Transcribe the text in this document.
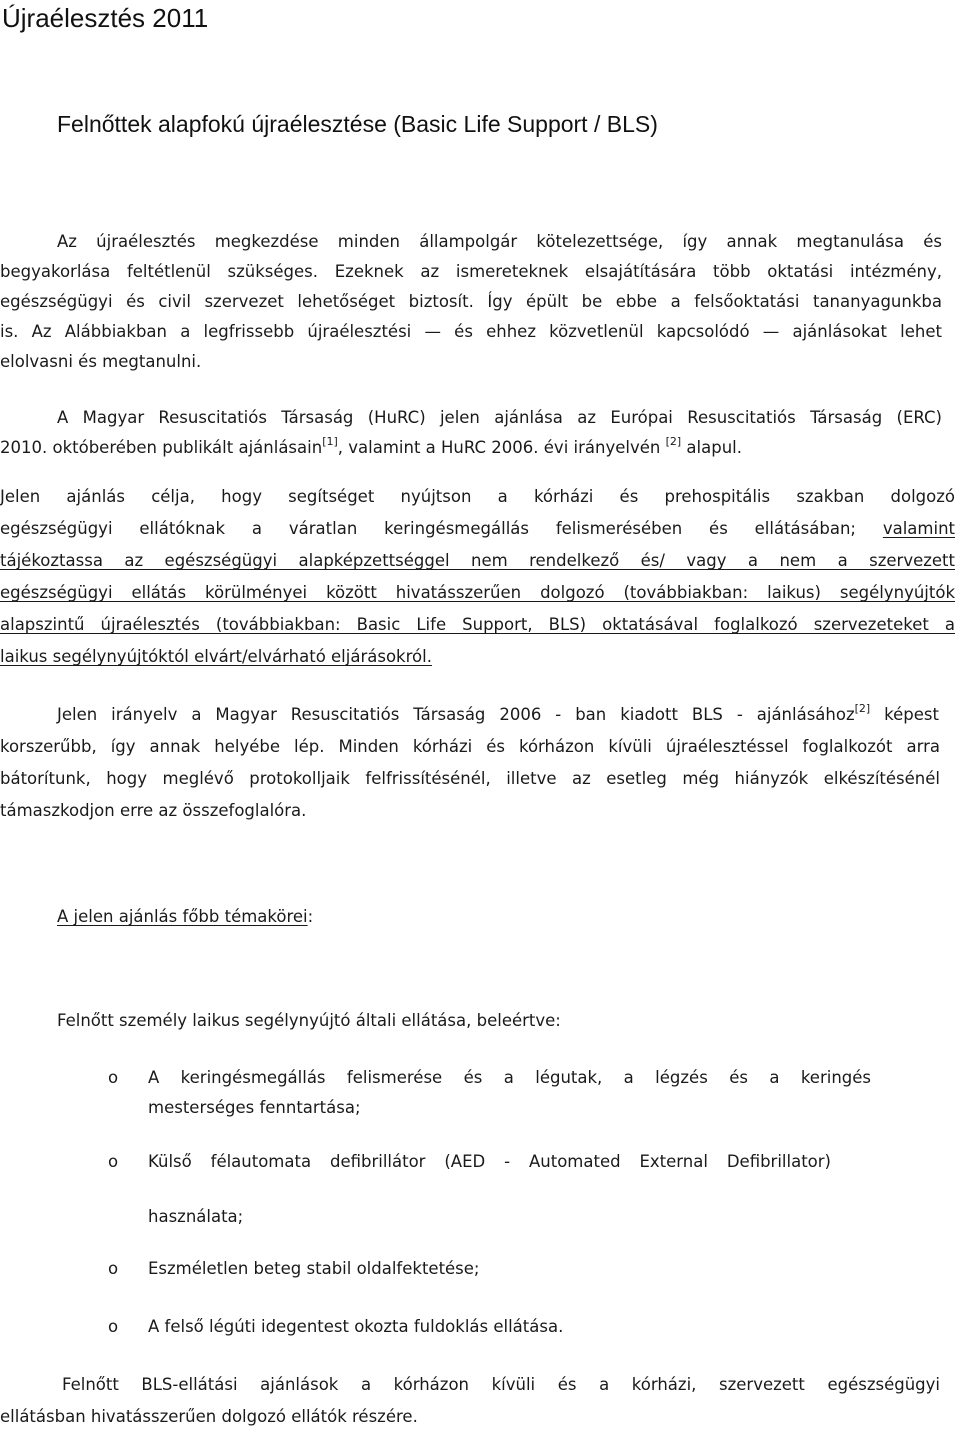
Újraélesztés 2011
Felnőttek alapfokú újraélesztése (Basic Life Support / BLS)
Az újraélesztés megkezdése minden állampolgár kötelezettsége, így annak megtanulása és
begyakorlása feltétlenül szükséges. Ezeknek az ismereteknek elsajátítására több oktatási intézmény,
egészségügyi és civil szervezet lehetőséget biztosít. Így épült be ebbe a felsőoktatási tananyagunkba
is. Az Alábbiakban a legfrissebb újraélesztési — és ehhez közvetlenül kapcsolódó — ajánlásokat lehet
elolvasni és megtanulni.
A Magyar Resuscitatiós Társaság (HuRC) jelen ajánlása az Európai Resuscitatiós Társaság (ERC)
2010. októberében publikált ajánlásain[1], valamint a HuRC 2006. évi irányelvén [2] alapul.
Jelen ajánlás célja, hogy segítséget nyújtson a kórházi és prehospitális szakban dolgozó
egészségügyi ellátóknak a váratlan keringésmegállás felismerésében és ellátásában; valamint
tájékoztassa az egészségügyi alapképzettséggel nem rendelkező és/ vagy a nem a szervezett
egészségügyi ellátás körülményei között hivatásszerűen dolgozó (továbbiakban: laikus) segélynyújtók
alapszintű újraélesztés (továbbiakban: Basic Life Support, BLS) oktatásával foglalkozó szervezeteket a
laikus segélynyújtóktól elvárt/elvárható eljárásokról.
Jelen irányelv a Magyar Resuscitatiós Társaság 2006 - ban kiadott BLS - ajánlásához[2] képest
korszerűbb, így annak helyébe lép. Minden kórházi és kórházon kívüli újraélesztéssel foglalkozót arra
bátorítunk, hogy meglévő protokolljaik felfrissítésénél, illetve az esetleg még hiányzók elkészítésénél
támaszkodjon erre az összefoglalóra.
A jelen ajánlás főbb témakörei:
Felnőtt személy laikus segélynyújtó általi ellátása, beleértve:
o A keringésmegállás felismerése és a légutak, a légzés és a keringés
mesterséges fenntartása;
o Külső félautomata defibrillátor (AED - Automated External Defibrillator)
használata;
o Eszméletlen beteg stabil oldalfektetése;
o A felső légúti idegentest okozta fuldoklás ellátása.
Felnőtt BLS-ellátási ajánlások a kórházon kívüli és a kórházi, szervezett egészségügyi
ellátásban hivatásszerűen dolgozó ellátók részére.
